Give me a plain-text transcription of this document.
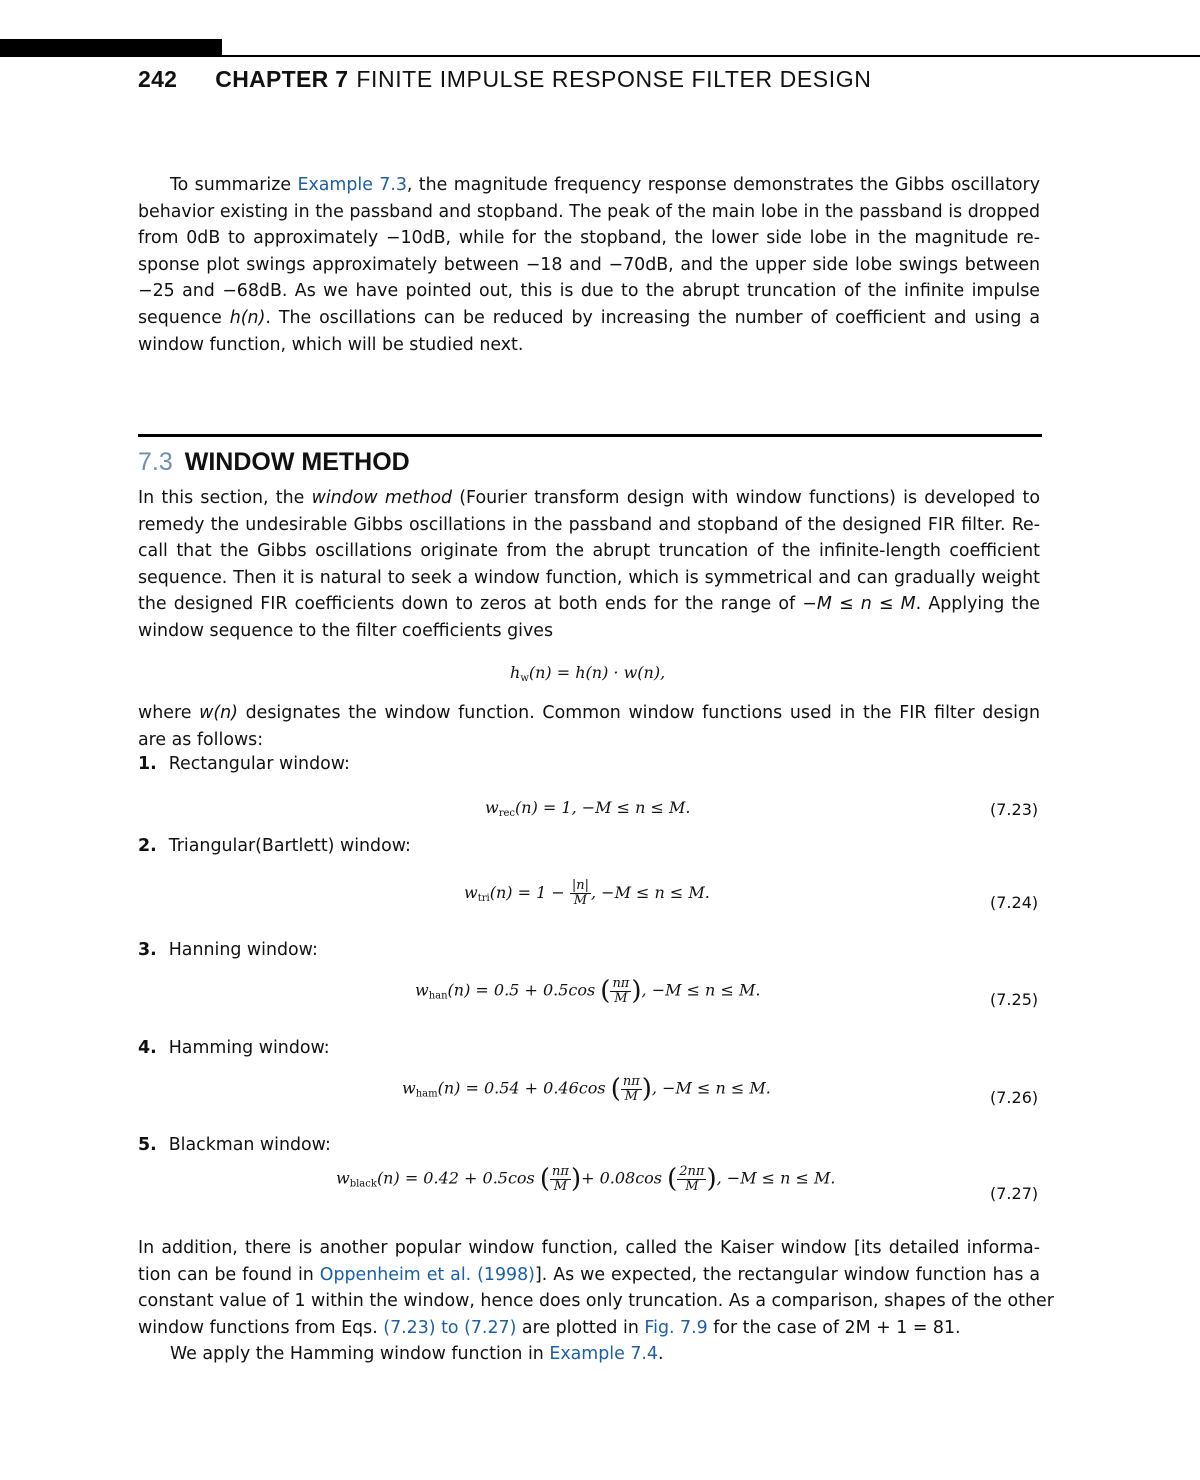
242 CHAPTER 7 FINITE IMPULSE RESPONSE FILTER DESIGN
To summarize Example 7.3, the magnitude frequency response demonstrates the Gibbs oscillatory
behavior existing in the passband and stopband. The peak of the main lobe in the passband is dropped
from 0dB to approximately −10dB, while for the stopband, the lower side lobe in the magnitude re-
sponse plot swings approximately between −18 and −70dB, and the upper side lobe swings between
−25 and −68dB. As we have pointed out, this is due to the abrupt truncation of the infinite impulse
sequence h(n). The oscillations can be reduced by increasing the number of coefficient and using a
window function, which will be studied next.
7.3 WINDOW METHOD
In this section, the window method (Fourier transform design with window functions) is developed to
remedy the undesirable Gibbs oscillations in the passband and stopband of the designed FIR filter. Re-
call that the Gibbs oscillations originate from the abrupt truncation of the infinite-length coefficient
sequence. Then it is natural to seek a window function, which is symmetrical and can gradually weight
the designed FIR coefficients down to zeros at both ends for the range of −M ≤ n ≤ M. Applying the
window sequence to the filter coefficients gives
$h_w(n) = h(n) \cdot w(n)$,
where w(n) designates the window function. Common window functions used in the FIR filter design
are as follows:
1. Rectangular window:
$w_{rec}(n) = 1$, −M ≤ n ≤ M.	(7.23)
2. Triangular(Bartlett) window:
$w_{tri}(n) = 1 - \frac{|n|}{M}$ , −M ≤ n ≤ M.
(7.24)
3. Hanning window:
$w_{han}(n) = 0.5 + 0.5\cos$ ( $\frac{n\pi}{M}$ ), −M ≤ n ≤ M.	(7.25)
4. Hamming window:
$w_{ham}(n) = 0.54 + 0.46\cos$ ( $\frac{n\pi}{M}$ ), −M ≤ n ≤ M.	(7.26)
5. Blackman window:
$w_{black}(n) = 0.42 + 0.5\cos$ ( $\frac{n\pi}{M}$ )+ 0.08cos ( $\frac{2n\pi}{M}$ ), −M ≤ n ≤ M.
(7.27)
In addition, there is another popular window function, called the Kaiser window [its detailed informa-
tion can be found in Oppenheim et al. (1998)]. As we expected, the rectangular window function has a
constant value of 1 within the window, hence does only truncation. As a comparison, shapes of the other
window functions from Eqs. (7.23) to (7.27) are plotted in Fig. 7.9 for the case of 2M + 1 = 81.
We apply the Hamming window function in Example 7.4.
